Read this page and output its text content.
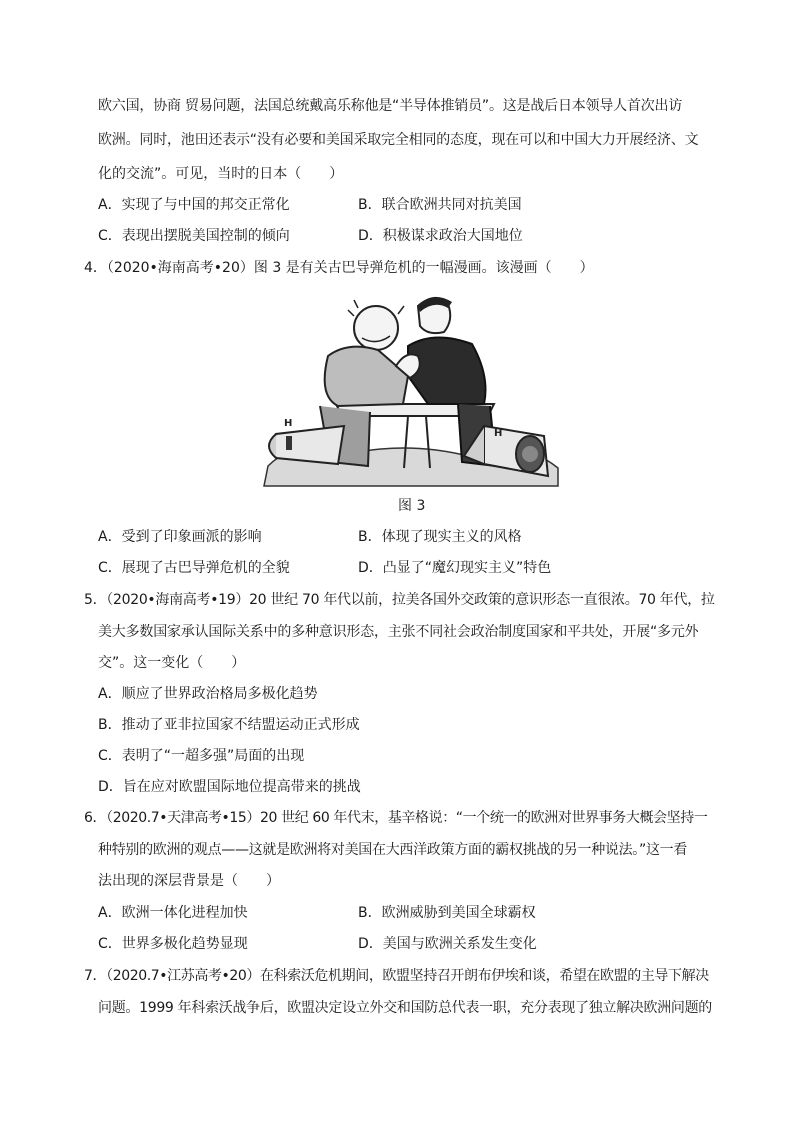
欧六国，协商 贸易问题，法国总统戴高乐称他是“半导体推销员”。这是战后日本领导人首次出访
欧洲。同时，池田还表示“没有必要和美国采取完全相同的态度，现在可以和中国大力开展经济、文
化的交流”。可见，当时的日本（　　）
A．实现了与中国的邦交正常化	B．联合欧洲共同对抗美国
C．表现出摆脱美国控制的倾向	D．积极谋求政治大国地位
4．（2020•海南高考•20）图 3 是有关古巴导弹危机的一幅漫画。该漫画（　　）
H
H
图 3
A．受到了印象画派的影响	B．体现了现实主义的风格
C．展现了古巴导弹危机的全貌	D．凸显了“魔幻现实主义”特色
5．（2020•海南高考•19）20 世纪 70 年代以前，拉美各国外交政策的意识形态一直很浓。70 年代，拉
美大多数国家承认国际关系中的多种意识形态，主张不同社会政治制度国家和平共处，开展“多元外
交”。这一变化（　　）
A．顺应了世界政治格局多极化趋势
B．推动了亚非拉国家不结盟运动正式形成
C．表明了“一超多强”局面的出现
D．旨在应对欧盟国际地位提高带来的挑战
6．（2020.7•天津高考•15）20 世纪 60 年代末，基辛格说：“一个统一的欧洲对世界事务大概会坚持一
种特别的欧洲的观点——这就是欧洲将对美国在大西洋政策方面的霸权挑战的另一种说法。”这一看
法出现的深层背景是（　　）
A．欧洲一体化进程加快	B．欧洲威胁到美国全球霸权
C．世界多极化趋势显现	D．美国与欧洲关系发生变化
7．（2020.7•江苏高考•20）在科索沃危机期间，欧盟坚持召开朗布伊埃和谈，希望在欧盟的主导下解决
问题。1999 年科索沃战争后，欧盟决定设立外交和国防总代表一职，充分表现了独立解决欧洲问题的
